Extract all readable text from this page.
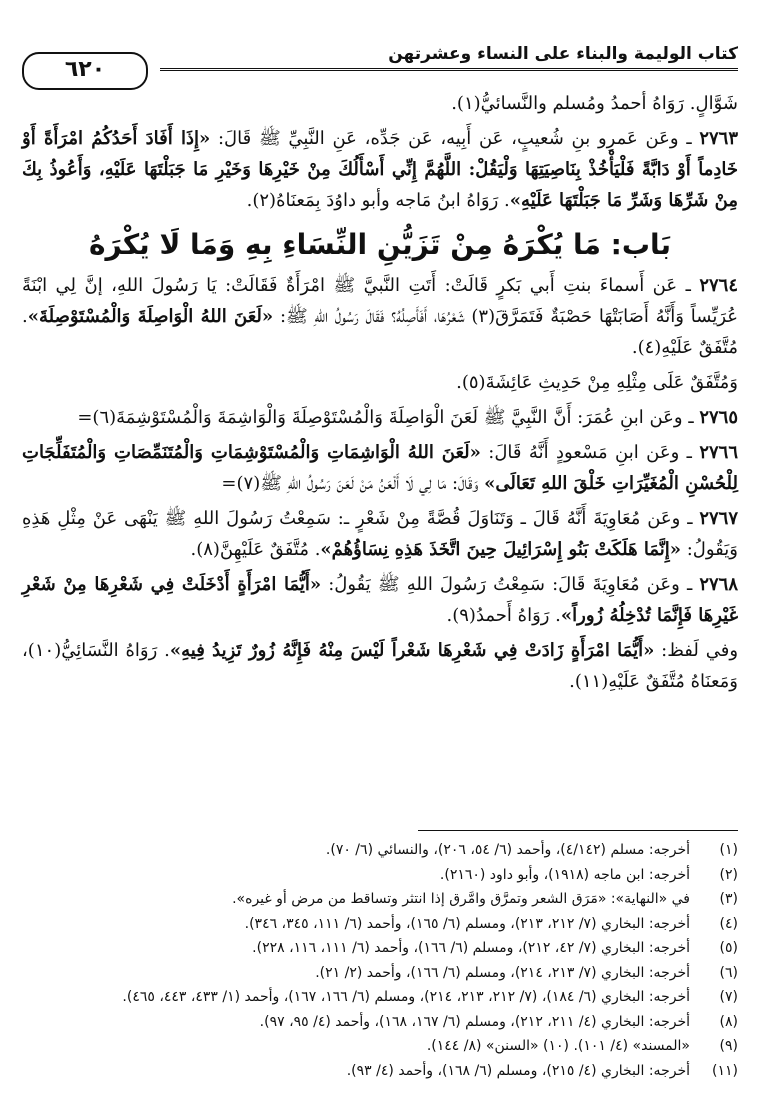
كتاب الوليمة والبناء على النساء وعشرتهن
٦٢٠

شَوَّالٍ. رَوَاهُ أحمدُ ومُسلم والنَّسائيُّ(١).

٢٧٦٣ ـ وعَن عَمرِو بنِ شُعيبٍ، عَن أَبِيه، عَن جَدِّه، عَنِ النَّبِيِّ ﷺ قَالَ: «إِذَا أَفَادَ أَحَدُكُمُ امْرَأَةً أَوْ خَادِماً أَوْ دَابَّةً فَلْيَأْخُذْ بِنَاصِيَتِهَا وَلْيَقُلْ: اللَّهُمَّ إِنِّي أَسْأَلُكَ مِنْ خَيْرِهَا وَخَيْرِ مَا جَبَلْتَهَا عَلَيْهِ، وَأَعُوذُ بِكَ مِنْ شَرِّهَا وَشَرِّ مَا جَبَلْتَهَا عَلَيْهِ». رَوَاهُ ابنُ مَاجه وأبو داوُدَ بِمَعنَاهُ(٢).

بَاب: مَا يُكْرَهُ مِنْ تَزَيُّنِ النِّسَاءِ بِهِ وَمَا لَا يُكْرَهُ

٢٧٦٤ ـ عَن أَسماءَ بنتِ أَبي بَكرٍ قَالَتْ: أَتَتِ النَّبيَّ ﷺ امْرَأَةٌ فَقَالَتْ: يَا رَسُولَ اللهِ، إنَّ لِي ابْنَةً عُرَيِّساً وَأَنَّهُ أَصَابَتْهَا حَصْبَةٌ فَتَمَرَّقَ(٣) شَعْرُهَا، أَفَأَصِلُهُ؟ فَقَالَ رَسُولُ اللهِ ﷺ: «لَعَنَ اللهُ الْوَاصِلَةَ وَالْمُسْتَوْصِلَةَ». مُتَّفَقٌ عَلَيْهِ(٤).

وَمُتَّفَقٌ عَلَى مِثْلِهِ مِنْ حَدِيثِ عَائِشَةَ(٥).

٢٧٦٥ ـ وعَن ابنِ عُمَرَ: أَنَّ النَّبِيَّ ﷺ لَعَنَ الْوَاصِلَةَ وَالْمُسْتَوْصِلَةَ وَالْوَاشِمَةَ وَالْمُسْتَوْشِمَةَ(٦)=

٢٧٦٦ ـ وعَن ابنِ مَسْعودٍ أَنَّهُ قَالَ: «لَعَنَ اللهُ الْوَاشِمَاتِ وَالْمُسْتَوْشِمَاتِ وَالْمُتَنَمِّصَاتِ وَالْمُتَفَلِّجَاتِ لِلْحُسْنِ الْمُغَيِّرَاتِ خَلْقَ اللهِ تَعَالَى» وَقَالَ: مَا لِي لَا أَلْعَنُ مَنْ لَعَنَ رَسُولُ اللهِ ﷺ(٧)=

٢٧٦٧ ـ وعَن مُعَاوِيَةَ أَنَّهُ قَالَ ـ وَتَنَاوَلَ قُصَّةً مِنْ شَعْرٍ ـ: سَمِعْتُ رَسُولَ اللهِ ﷺ يَنْهَى عَنْ مِثْلِ هَذِهِ وَيَقُولُ: «إِنَّمَا هَلَكَتْ بَنُو إِسْرَائِيلَ حِينَ اتَّخَذَ هَذِهِ نِسَاؤُهُمْ». مُتَّفَقٌ عَلَيْهِنَّ(٨).

٢٧٦٨ ـ وعَن مُعَاوِيَةَ قَالَ: سَمِعْتُ رَسُولَ اللهِ ﷺ يَقُولُ: «أَيُّمَا امْرَأَةٍ أَدْخَلَتْ فِي شَعْرِهَا مِنْ شَعْرِ غَيْرِهَا فَإِنَّمَا تُدْخِلُهُ زُوراً». رَوَاهُ أَحمدُ(٩).

وفي لَفظ: «أَيُّمَا امْرَأَةٍ زَادَتْ فِي شَعْرِهَا شَعْراً لَيْسَ مِنْهُ فَإِنَّهُ زُورٌ تَزِيدُ فِيهِ». رَوَاهُ النَّسَائِيُّ(١٠)، وَمَعنَاهُ مُتَّفَقٌ عَلَيْهِ(١١).

(١)
أخرجه: مسلم (٤/١٤٢)، وأحمد (٦/ ٥٤، ٢٠٦)، والنسائي (٦/ ٧٠).
(٢)
أخرجه: ابن ماجه (١٩١٨)، وأبو داود (٢١٦٠).
(٣)
في «النهاية»: «مَرَق الشعر وتمرَّق وامَّرق إذا انتثر وتساقط من مرض أو غيره».
(٤)
أخرجه: البخاري (٧/ ٢١٢، ٢١٣)، ومسلم (٦/ ١٦٥)، وأحمد (٦/ ١١١، ٣٤٥، ٣٤٦).
(٥)
أخرجه: البخاري (٧/ ٤٢، ٢١٢)، ومسلم (٦/ ١٦٦)، وأحمد (٦/ ١١١، ١١٦، ٢٢٨).
(٦)
أخرجه: البخاري (٧/ ٢١٣، ٢١٤)، ومسلم (٦/ ١٦٦)، وأحمد (٢/ ٢١).
(٧)
أخرجه: البخاري (٦/ ١٨٤)، (٧/ ٢١٢، ٢١٣، ٢١٤)، ومسلم (٦/ ١٦٦، ١٦٧)، وأحمد (١/ ٤٣٣، ٤٤٣، ٤٦٥).
(٨)
أخرجه: البخاري (٤/ ٢١١، ٢١٢)، ومسلم (٦/ ١٦٧، ١٦٨)، وأحمد (٤/ ٩٥، ٩٧).
(٩)
«المسند» (٤/ ١٠١). (١٠) «السنن» (٨/ ١٤٤).
(١١)
أخرجه: البخاري (٤/ ٢١٥)، ومسلم (٦/ ١٦٨)، وأحمد (٤/ ٩٣).
